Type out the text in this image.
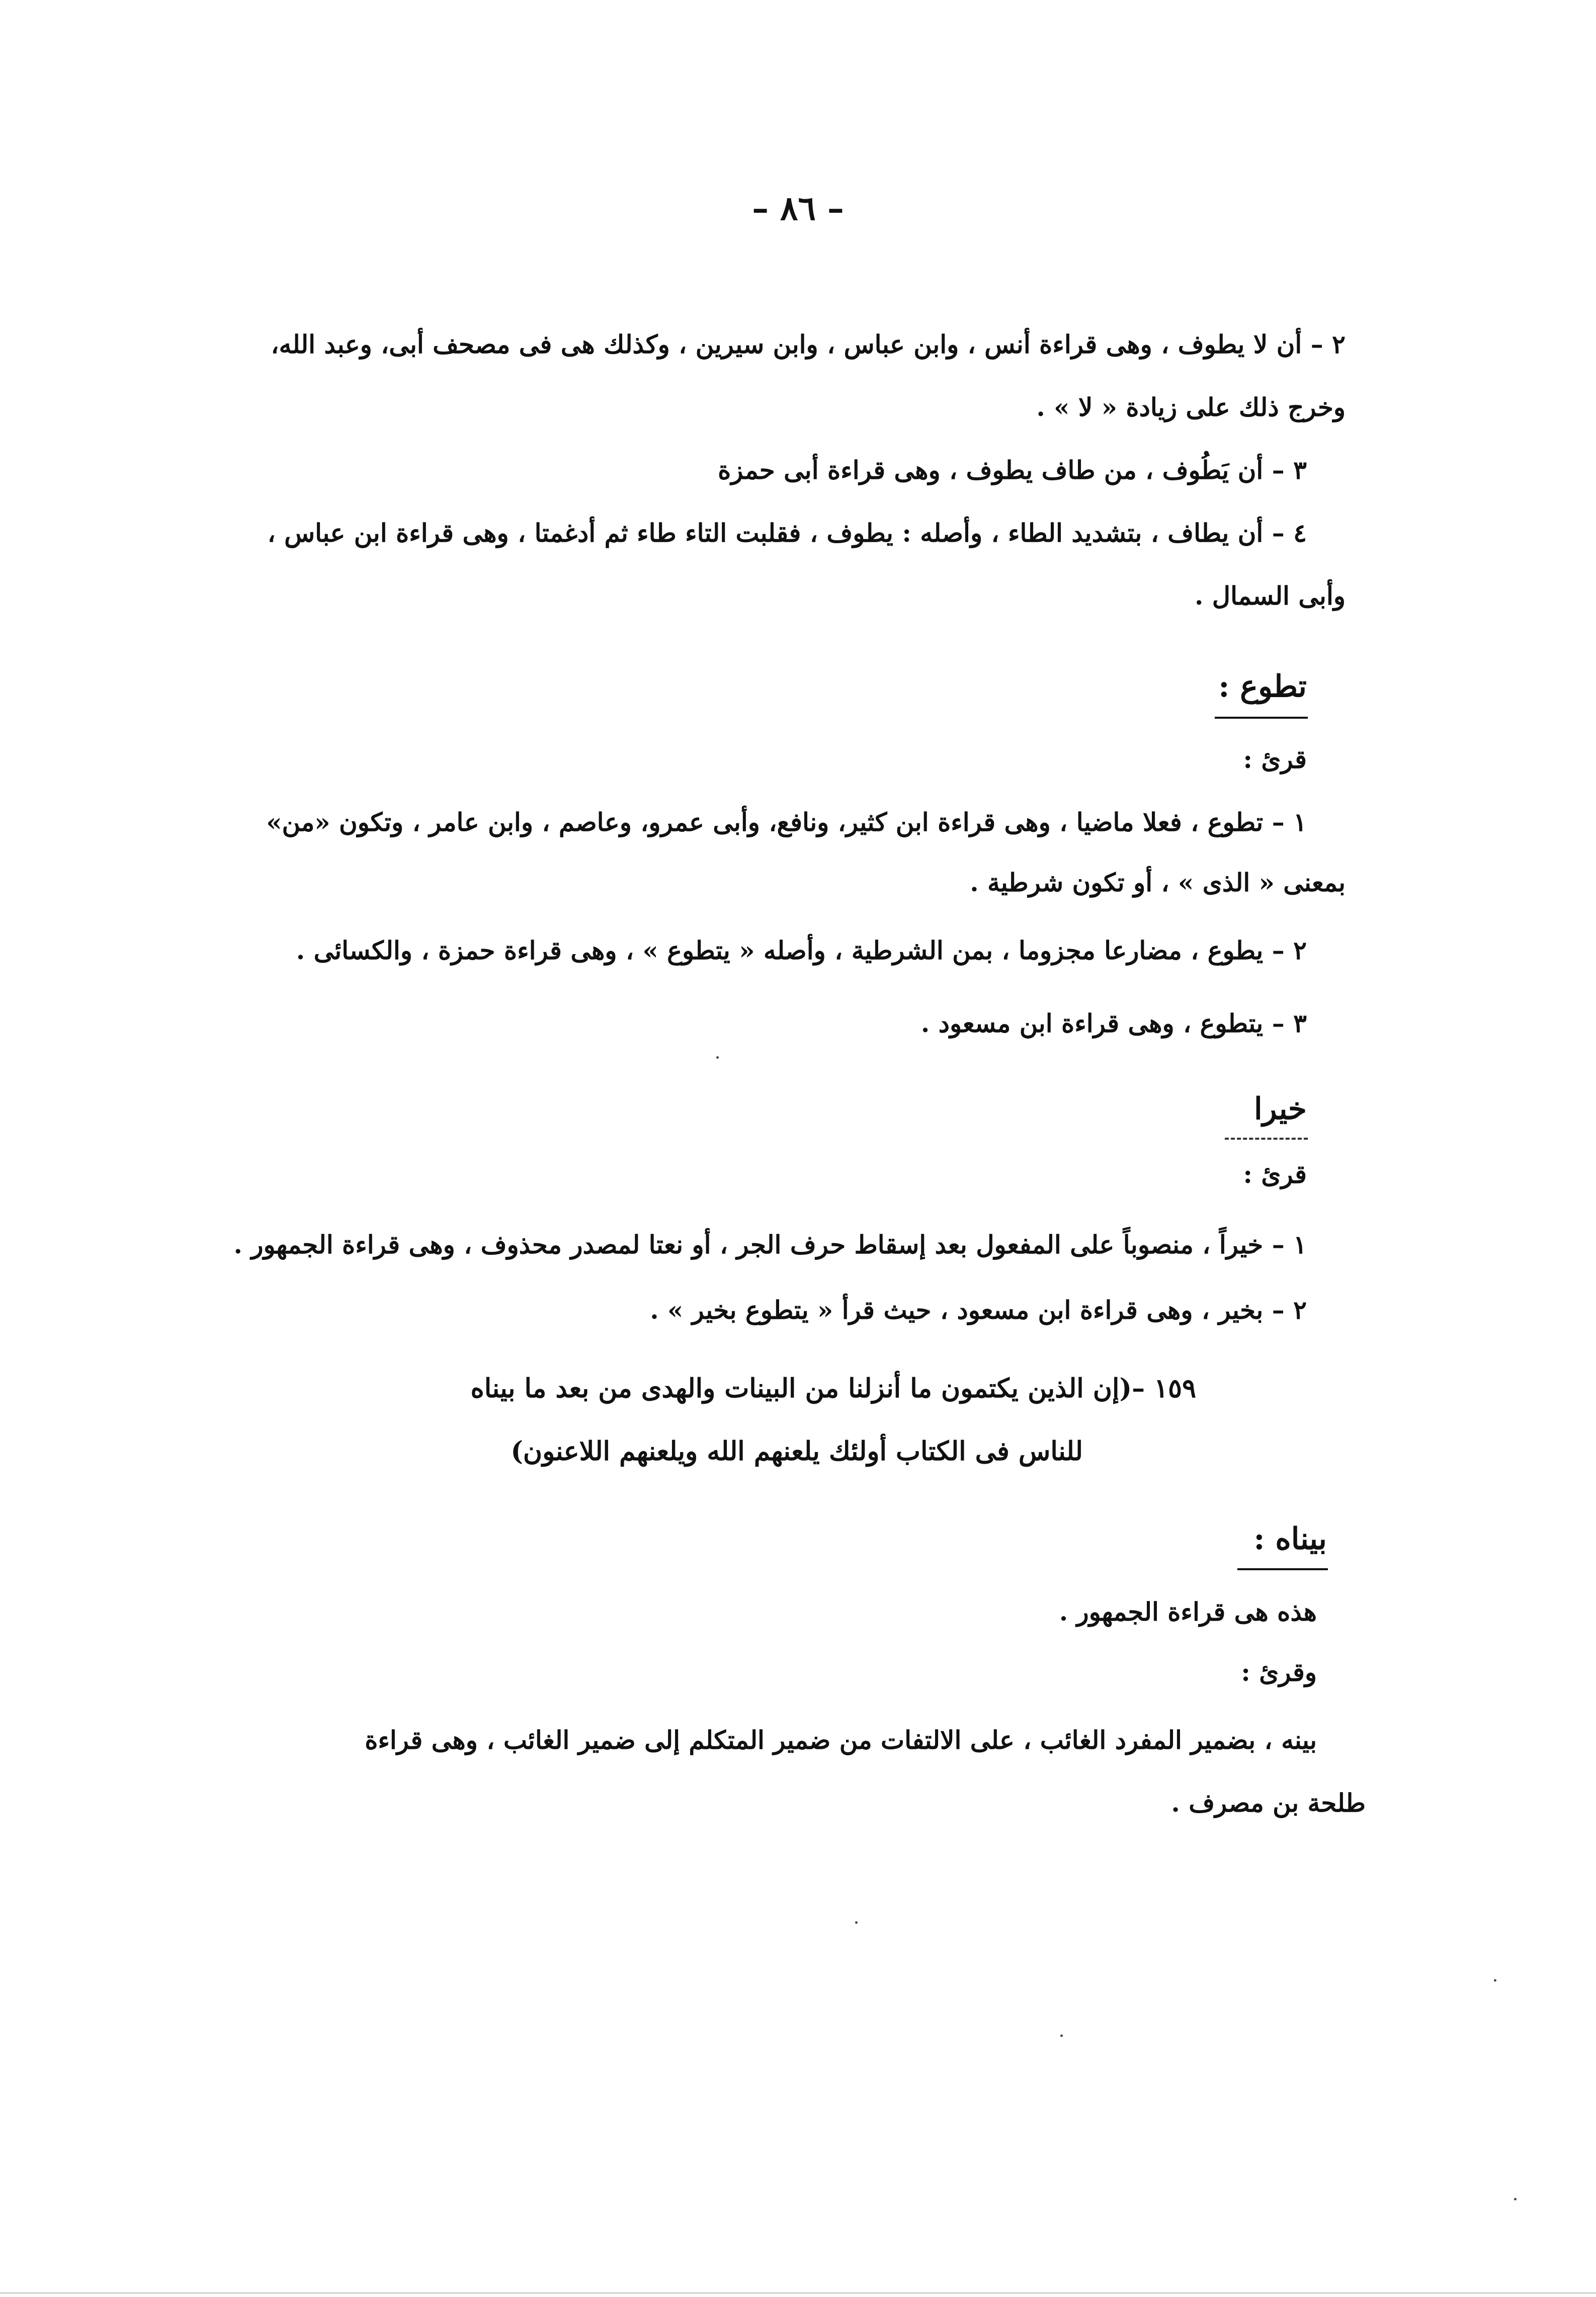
– ٨٦ –
٢ – أن لا يطوف ، وهى قراءة أنس ، وابن عباس ، وابن سيرين ، وكذلك هى فى مصحف أبى، وعبد الله،
وخرج ذلك على زيادة « لا » .
٣ – أن يَطُوف ، من طاف يطوف ، وهى قراءة أبى حمزة
٤ – أن يطاف ، بتشديد الطاء ، وأصله : يطوف ، فقلبت التاء طاء ثم أدغمتا ، وهى قراءة ابن عباس ،
وأبى السمال .
تطوع :
قرئ :
١ – تطوع ، فعلا ماضيا ، وهى قراءة ابن كثير، ونافع، وأبى عمرو، وعاصم ، وابن عامر ، وتكون «من»
بمعنى « الذى » ، أو تكون شرطية .
٢ – يطوع ، مضارعا مجزوما ، بمن الشرطية ، وأصله « يتطوع » ، وهى قراءة حمزة ، والكسائى .
٣ – يتطوع ، وهى قراءة ابن مسعود .
خيرا
قرئ :
١ – خيراً ، منصوباً على المفعول بعد إسقاط حرف الجر ، أو نعتا لمصدر محذوف ، وهى قراءة الجمهور .
٢ – بخير ، وهى قراءة ابن مسعود ، حيث قرأ « يتطوع بخير » .
١٥٩ –(إن الذين يكتمون ما أنزلنا من البينات والهدى من بعد ما بيناه
للناس فى الكتاب أولئك يلعنهم الله ويلعنهم اللاعنون)
بيناه :
هذه هى قراءة الجمهور .
وقرئ :
بينه ، بضمير المفرد الغائب ، على الالتفات من ضمير المتكلم إلى ضمير الغائب ، وهى قراءة
طلحة بن مصرف .
